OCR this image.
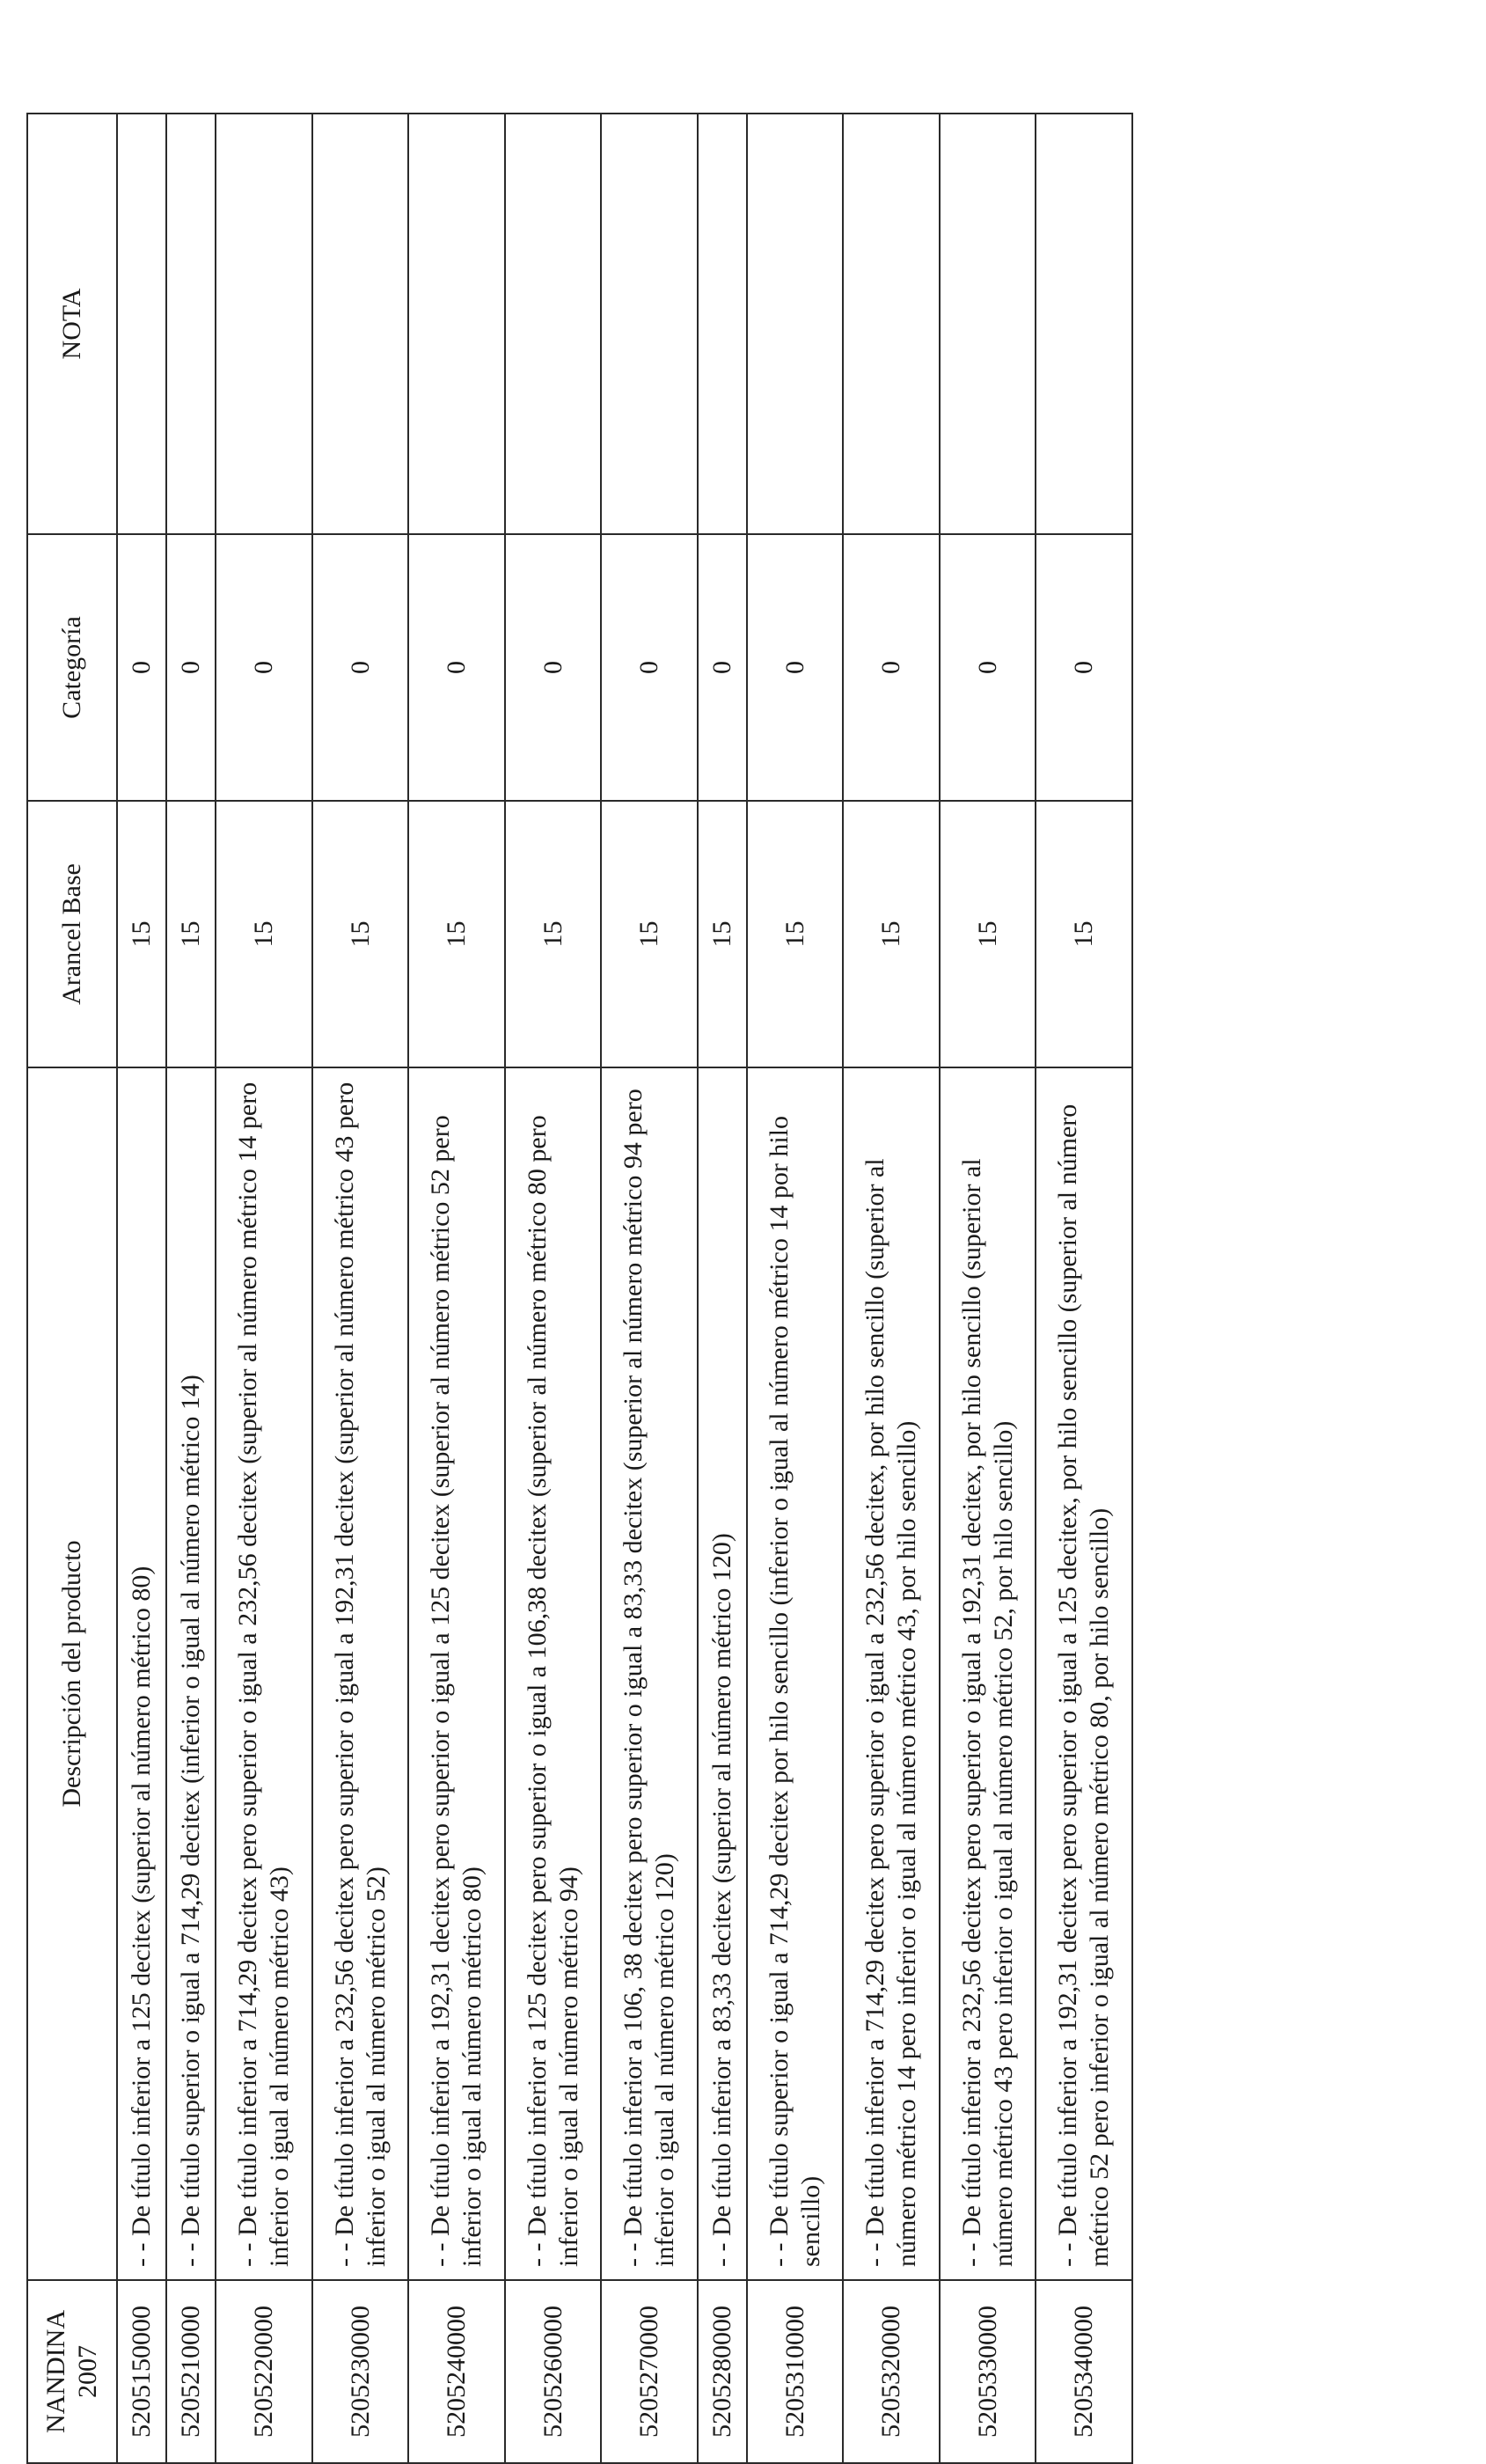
NANDINA 2007	Descripción del producto	Arancel Base	Categoría	NOTA
5205150000	- - De título inferior a 125 decitex (superior al número métrico 80)	15	0	
5205210000	- - De título superior o igual a 714,29 decitex (inferior o igual al número métrico 14)	15	0	
5205220000	- - De título inferior a 714,29 decitex pero superior o igual a 232,56 decitex (superior al número métrico 14 pero inferior o igual al número métrico 43)	15	0	
5205230000	- - De título inferior a 232,56 decitex pero superior o igual a 192,31 decitex (superior al número métrico 43 pero inferior o igual al número métrico 52)	15	0	
5205240000	- - De título inferior a 192,31 decitex pero superior o igual a 125 decitex (superior al número métrico 52 pero inferior o igual al número métrico 80)	15	0	
5205260000	- - De título inferior a 125 decitex pero superior o igual a 106,38 decitex (superior al número métrico 80 pero inferior o igual al número métrico 94)	15	0	
5205270000	- - De título inferior a 106, 38 decitex pero superior o igual a 83,33 decitex (superior al número métrico 94 pero inferior o igual al número métrico 120)	15	0	
5205280000	- - De título inferior a 83,33 decitex (superior al número métrico 120)	15	0	
5205310000	- - De título superior o igual a 714,29 decitex por hilo sencillo (inferior o igual al número métrico 14 por hilo sencillo)	15	0	
5205320000	- - De título inferior a 714,29 decitex pero superior o igual a 232,56 decitex, por hilo sencillo (superior al número métrico 14 pero inferior o igual al número métrico 43, por hilo sencillo)	15	0	
5205330000	- - De título inferior a 232,56 decitex pero superior o igual a 192,31 decitex, por hilo sencillo (superior al número métrico 43 pero inferior o igual al número métrico 52, por hilo sencillo)	15	0	
5205340000	- - De título inferior a 192,31 decitex pero superior o igual a 125 decitex, por hilo sencillo (superior al número métrico 52 pero inferior o igual al número métrico 80, por hilo sencillo)	15	0	
